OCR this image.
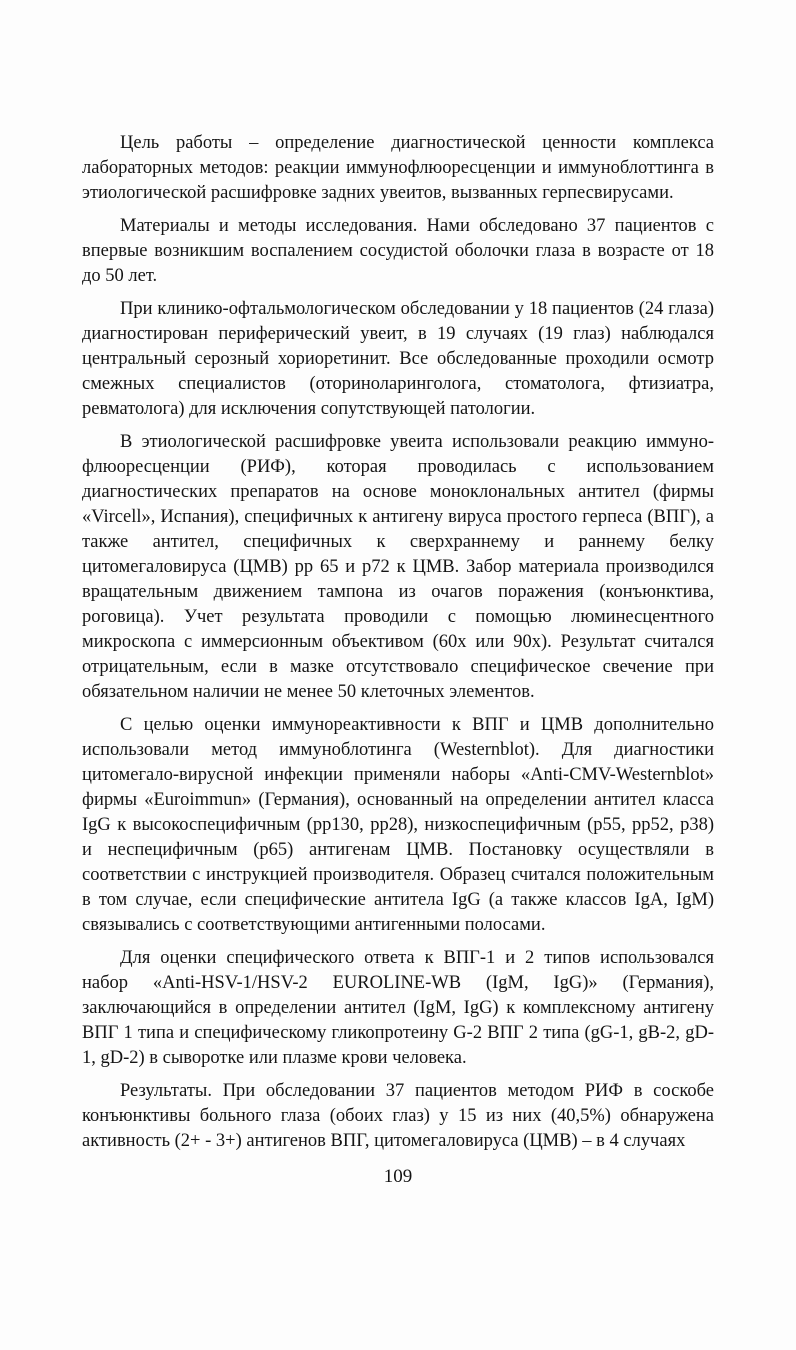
Цель работы – определение диагностической ценности комплекса лабораторных методов: реакции иммунофлюоресценции и иммуноблоттинга в этиологической расшифровке задних увеитов, вызванных герпесвирусами.

Материалы и методы исследования. Нами обследовано 37 пациентов с впервые возникшим воспалением сосудистой оболочки глаза в возрасте от 18 до 50 лет.

При клинико-офтальмологическом обследовании у 18 пациентов (24 глаза) диагностирован периферический увеит, в 19 случаях (19 глаз) наблюдался центральный серозный хориоретинит. Все обследованные проходили осмотр смежных специалистов (оториноларинголога, стоматолога, фтизиатра, ревматолога) для исключения сопутствующей патологии.

В этиологической расшифровке увеита использовали реакцию иммуно-флюоресценции (РИФ), которая проводилась с использованием диагностических препаратов на основе моноклональных антител (фирмы «Vircell», Испания), специфичных к антигену вируса простого герпеса (ВПГ), а также антител, специфичных к сверхраннему и раннему белку цитомегаловируса (ЦМВ) pp 65 и p72 к ЦМВ. Забор материала производился вращательным движением тампона из очагов поражения (конъюнктива, роговица). Учет результата проводили с помощью люминесцентного микроскопа с иммерсионным объективом (60x или 90x). Результат считался отрицательным, если в мазке отсутствовало специфическое свечение при обязательном наличии не менее 50 клеточных элементов.

С целью оценки иммунореактивности к ВПГ и ЦМВ дополнительно использовали метод иммуноблотинга (Westernblot). Для диагностики цитомегало-вирусной инфекции применяли наборы «Anti-CMV-Westernblot» фирмы «Euroimmun» (Германия), основанный на определении антител класса IgG к высокоспецифичным (pp130, pp28), низкоспецифичным (p55, pp52, p38) и неспецифичным (p65) антигенам ЦМВ. Постановку осуществляли в соответствии с инструкцией производителя. Образец считался положительным в том случае, если специфические антитела IgG (а также классов IgA, IgM) связывались с соответствующими антигенными полосами.

Для оценки специфического ответа к ВПГ-1 и 2 типов использовался набор «Anti-HSV-1/HSV-2 EUROLINE-WB (IgM, IgG)» (Германия), заключающийся в определении антител (IgM, IgG) к комплексному антигену ВПГ 1 типа и специфическому гликопротеину G-2 ВПГ 2 типа (gG-1, gB-2, gD-1, gD-2) в сыворотке или плазме крови человека.

Результаты. При обследовании 37 пациентов методом РИФ в соскобе конъюнктивы больного глаза (обоих глаз) у 15 из них (40,5%) обнаружена активность (2+ - 3+) антигенов ВПГ, цитомегаловируса (ЦМВ) – в 4 случаях

109
